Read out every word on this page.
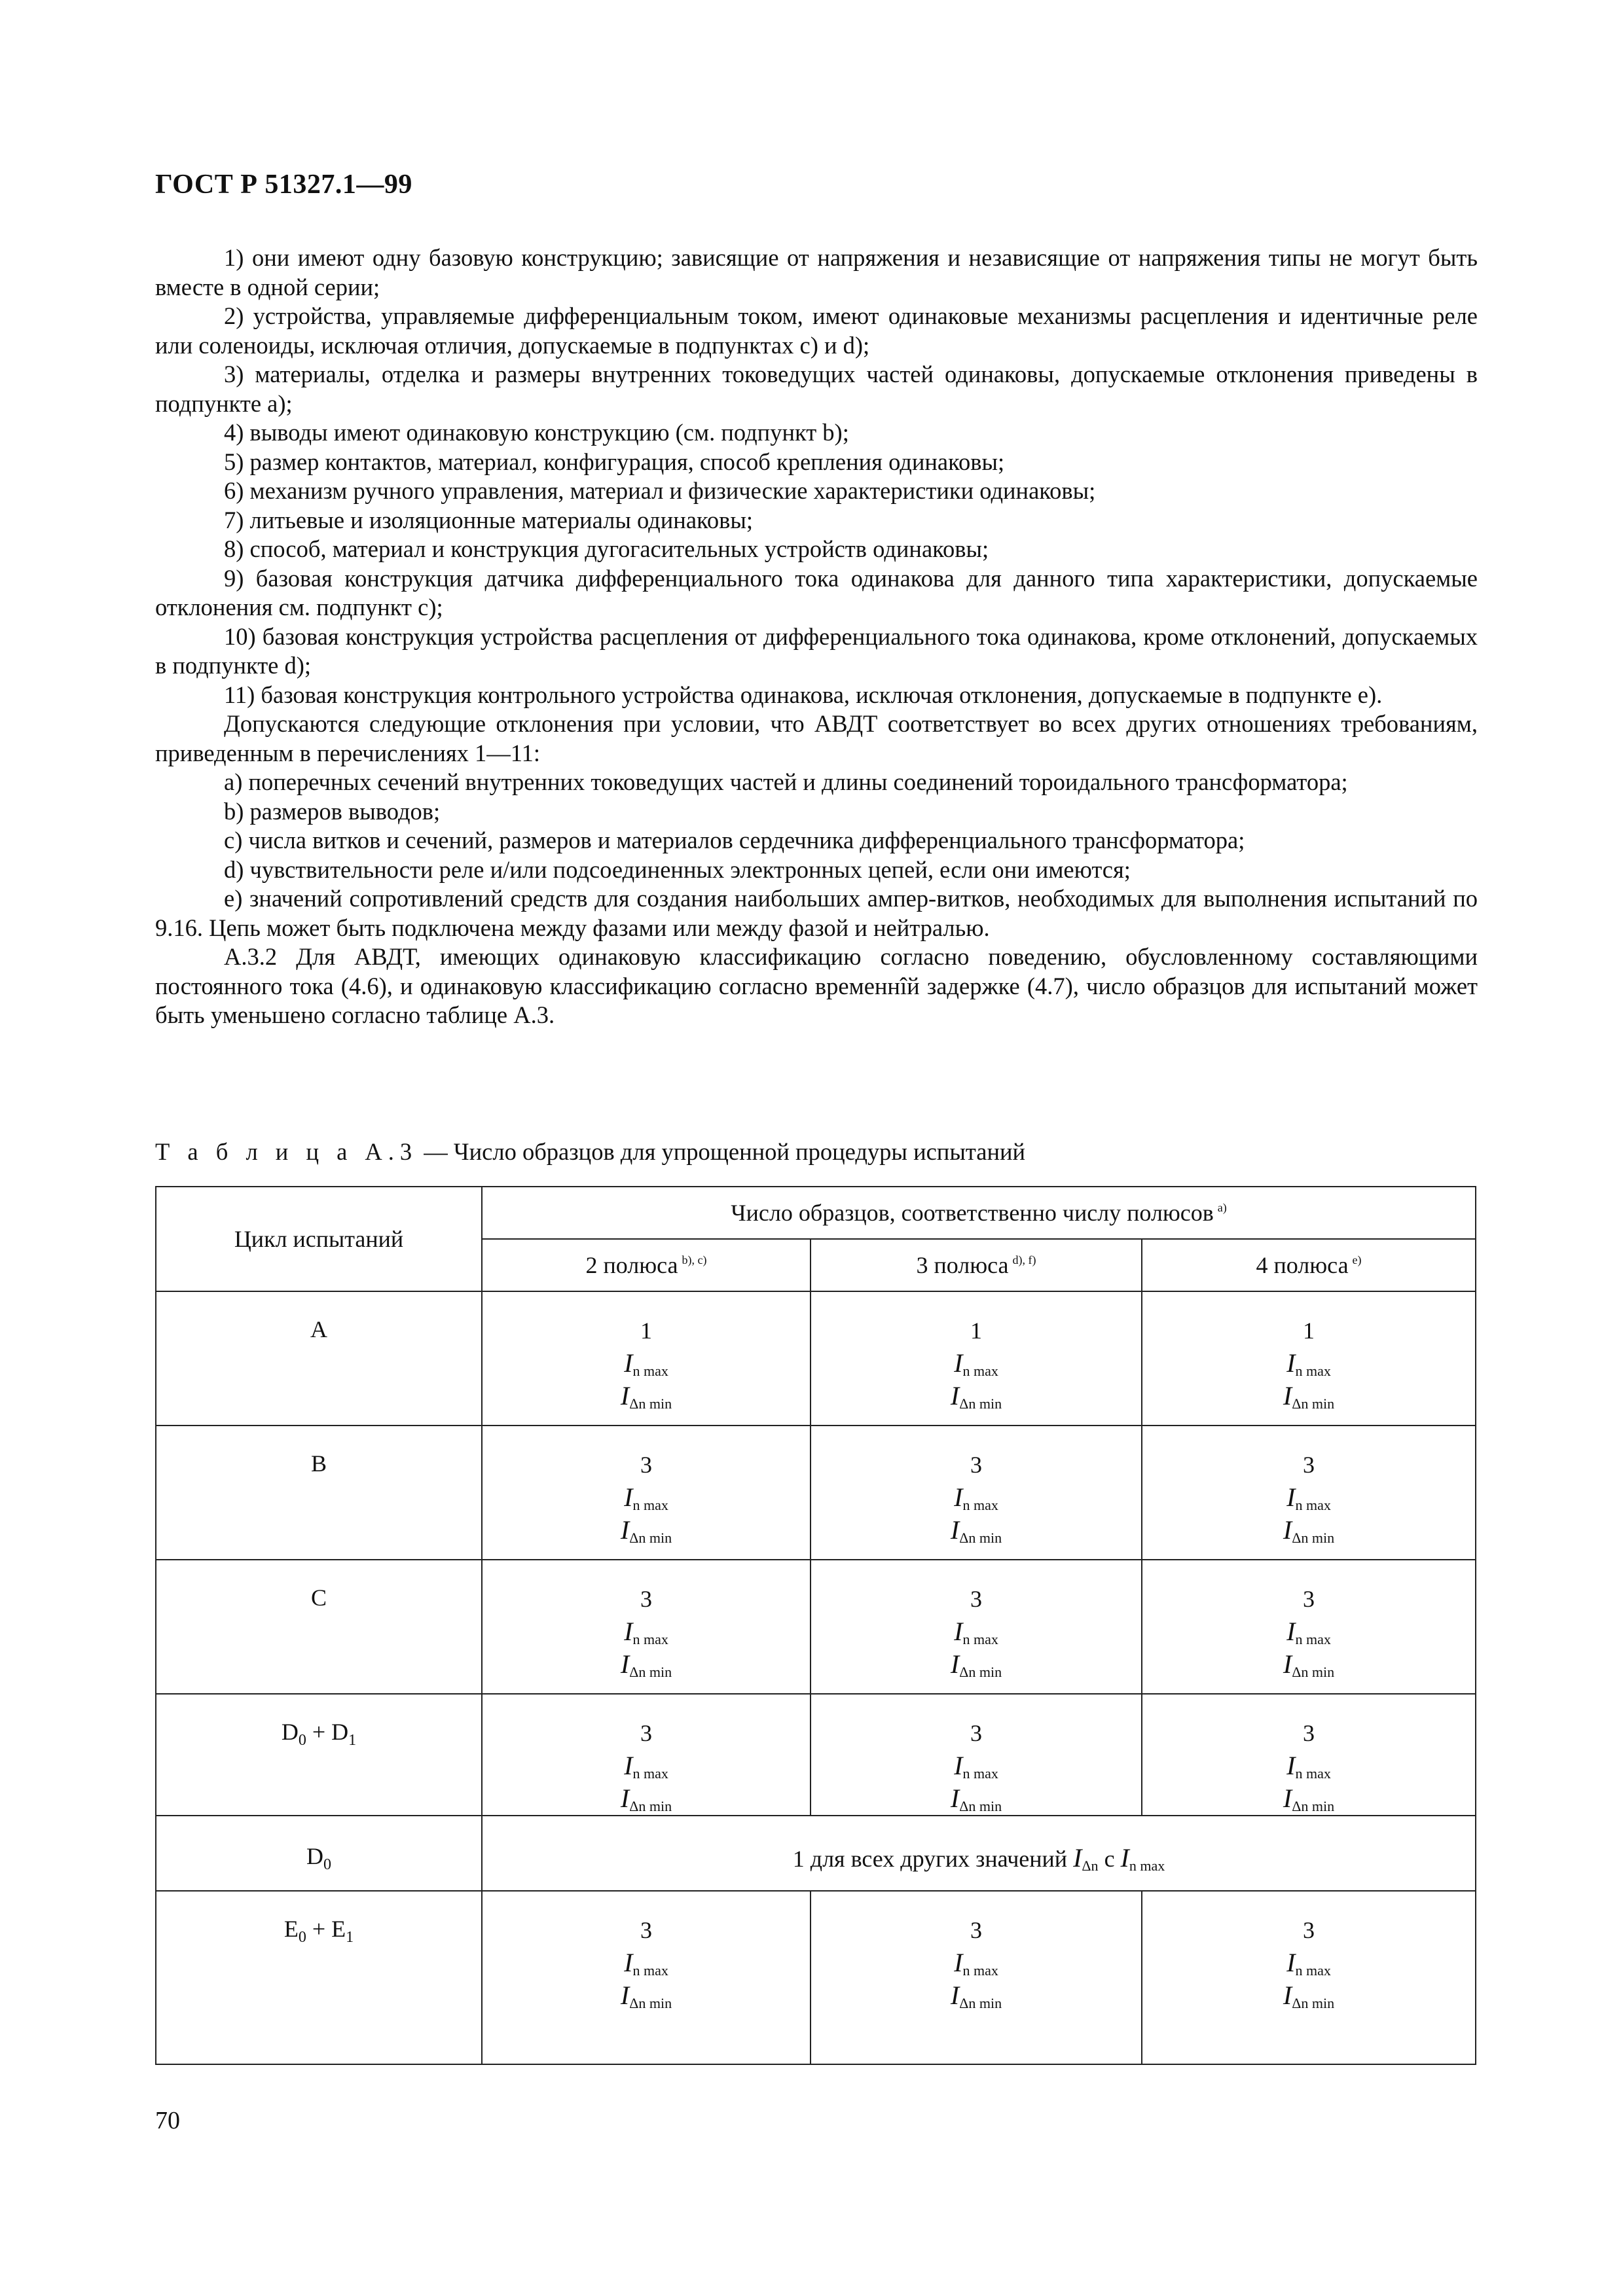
ГОСТ Р 51327.1—99

1) они имеют одну базовую конструкцию; зависящие от напряжения и независящие от напряжения типы не могут быть вместе в одной серии;

2) устройства, управляемые дифференциальным током, имеют одинаковые механизмы расцепления и идентичные реле или соленоиды, исключая отличия, допускаемые в подпунктах с) и d);

3) материалы, отделка и размеры внутренних токоведущих частей одинаковы, допускаемые отклонения приведены в подпункте а);

4) выводы имеют одинаковую конструкцию (см. подпункт b);

5) размер контактов, материал, конфигурация, способ крепления одинаковы;

6) механизм ручного управления, материал и физические характеристики одинаковы;

7) литьевые и изоляционные материалы одинаковы;

8) способ, материал и конструкция дугогасительных устройств одинаковы;

9) базовая конструкция датчика дифференциального тока одинакова для данного типа характеристики, допускаемые отклонения см. подпункт с);

10) базовая конструкция устройства расцепления от дифференциального тока одинакова, кроме отклонений, допускаемых в подпункте d);

11) базовая конструкция контрольного устройства одинакова, исключая отклонения, допускаемые в подпункте е).

Допускаются следующие отклонения при условии, что АВДТ соответствует во всех других отношениях требованиям, приведенным в перечислениях 1—11:

а) поперечных сечений внутренних токоведущих частей и длины соединений тороидального трансформатора;

b) размеров выводов;

с) числа витков и сечений, размеров и материалов сердечника дифференциального трансформатора;

d) чувствительности реле и/или подсоединенных электронных цепей, если они имеются;

е) значений сопротивлений средств для создания наибольших ампер-витков, необходимых для выполнения испытаний по 9.16. Цепь может быть подключена между фазами или между фазой и нейтралью.

А.3.2 Для АВДТ, имеющих одинаковую классификацию согласно поведению, обусловленному составляющими постоянного тока (4.6), и одинаковую классификацию согласно временнîй задержке (4.7), число образцов для испытаний может быть уменьшено согласно таблице А.3.

Т а б л и ц а А.3 — Число образцов для упрощенной процедуры испытаний
Цикл испытаний	Число образцов, соответственно числу полюсов $^{a)}$
	2 полюса $^{b), c)}$	3 полюса $^{d), f)}$	4 полюса $^{e)}$

A	1
$I_{n max}$
$I_{\Delta n min}$	1
$I_{n max}$
$I_{\Delta n min}$	1
$I_{n max}$
$I_{\Delta n min}$

B	3
$I_{n max}$
$I_{\Delta n min}$	3
$I_{n max}$
$I_{\Delta n min}$	3
$I_{n max}$
$I_{\Delta n min}$

C	3
$I_{n max}$
$I_{\Delta n min}$	3
$I_{n max}$
$I_{\Delta n min}$	3
$I_{n max}$
$I_{\Delta n min}$

$D_0 + D_1$	3
$I_{n max}$
$I_{\Delta n min}$	3
$I_{n max}$
$I_{\Delta n min}$	3
$I_{n max}$
$I_{\Delta n min}$

$D_0$	1 для всех других значений $I_{\Delta n}$ с $I_{n max}$

$E_0 + E_1$	3
$I_{n max}$
$I_{\Delta n min}$	3
$I_{n max}$
$I_{\Delta n min}$	3
$I_{n max}$
$I_{\Delta n min}$
70
